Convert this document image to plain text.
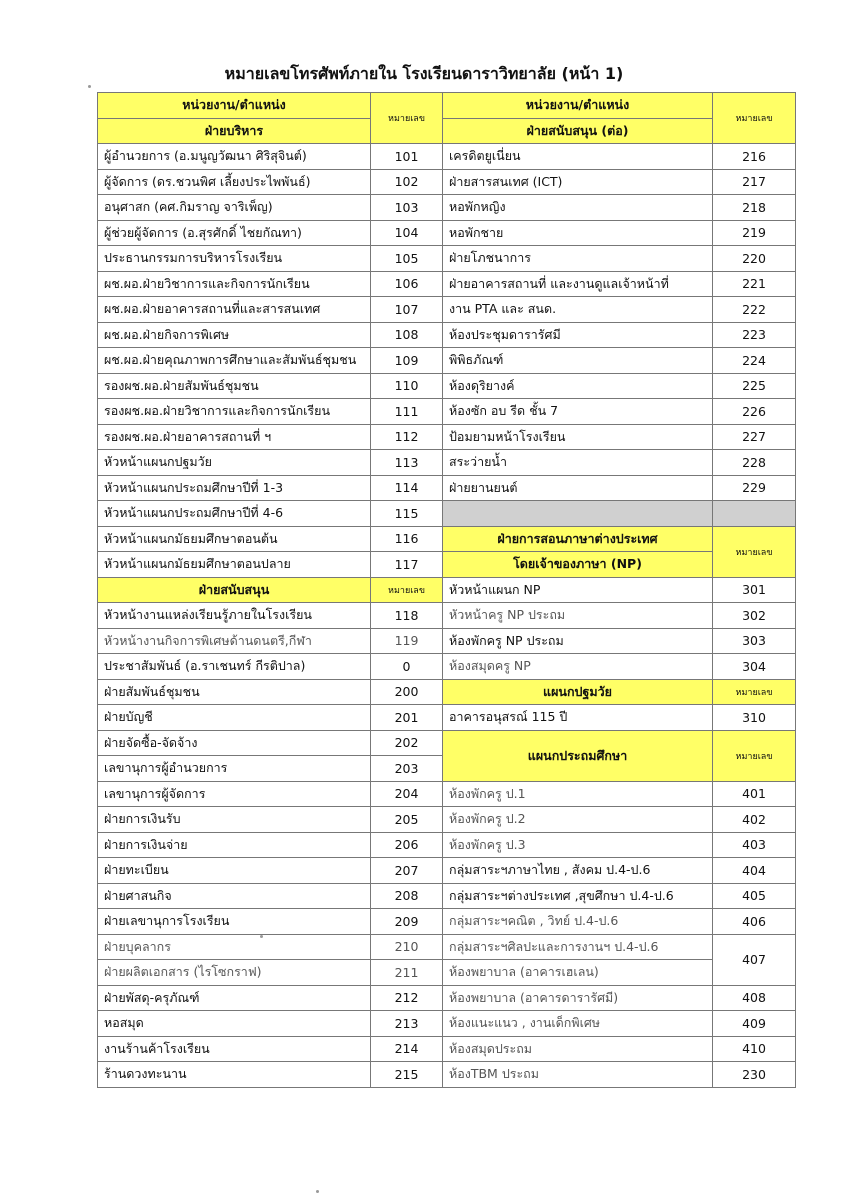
หมายเลขโทรศัพท์ภายใน โรงเรียนดาราวิทยาลัย (หน้า 1)
หน่วยงาน/ตำแหน่ง	หมายเลข	หน่วยงาน/ตำแหน่ง	หมายเลข
ฝ่ายบริหาร		ฝ่ายสนับสนุน (ต่อ)	
ผู้อำนวยการ (อ.มนูญวัฒนา ศิริสุจินต์)	101	เครดิตยูเนี่ยน	216
ผู้จัดการ (ดร.ชวนพิศ เลี้ยงประไพพันธ์)	102	ฝ่ายสารสนเทศ (ICT)	217
อนุศาสก (คศ.กิมราญ จาริเพ็ญ)	103	หอพักหญิง	218
ผู้ช่วยผู้จัดการ (อ.สุรศักดิ์ ไชยกัณทา)	104	หอพักชาย	219
ประธานกรรมการบริหารโรงเรียน	105	ฝ่ายโภชนาการ	220
ผช.ผอ.ฝ่ายวิชาการและกิจการนักเรียน	106	ฝ่ายอาคารสถานที่ และงานดูแลเจ้าหน้าที่	221
ผช.ผอ.ฝ่ายอาคารสถานที่และสารสนเทศ	107	งาน PTA และ สนด.	222
ผช.ผอ.ฝ่ายกิจการพิเศษ	108	ห้องประชุมดารารัศมี	223
ผช.ผอ.ฝ่ายคุณภาพการศึกษาและสัมพันธ์ชุมชน	109	พิพิธภัณฑ์	224
รองผช.ผอ.ฝ่ายสัมพันธ์ชุมชน	110	ห้องดุริยางค์	225
รองผช.ผอ.ฝ่ายวิชาการและกิจการนักเรียน	111	ห้องซัก อบ รีด ชั้น 7	226
รองผช.ผอ.ฝ่ายอาคารสถานที่ ฯ	112	ป้อมยามหน้าโรงเรียน	227
หัวหน้าแผนกปฐมวัย	113	สระว่ายน้ำ	228
หัวหน้าแผนกประถมศึกษาปีที่ 1-3	114	ฝ่ายยานยนต์	229
หัวหน้าแผนกประถมศึกษาปีที่ 4-6	115		
หัวหน้าแผนกมัธยมศึกษาตอนต้น	116	ฝ่ายการสอนภาษาต่างประเทศ	หมายเลข
หัวหน้าแผนกมัธยมศึกษาตอนปลาย	117	โดยเจ้าของภาษา (NP)	
ฝ่ายสนับสนุน	หมายเลข	หัวหน้าแผนก NP	301
หัวหน้างานแหล่งเรียนรู้ภายในโรงเรียน	118	หัวหน้าครู NP ประถม	302
หัวหน้างานกิจการพิเศษด้านดนตรี,กีฬา	119	ห้องพักครู NP ประถม	303
ประชาสัมพันธ์ (อ.ราเชนทร์ กีรติปาล)	0	ห้องสมุดครู NP	304
ฝ่ายสัมพันธ์ชุมชน	200	แผนกปฐมวัย	หมายเลข
ฝ่ายบัญชี	201	อาคารอนุสรณ์ 115 ปี	310
ฝ่ายจัดซื้อ-จัดจ้าง	202	แผนกประถมศึกษา	หมายเลข
เลขานุการผู้อำนวยการ	203		
เลขานุการผู้จัดการ	204	ห้องพักครู ป.1	401
ฝ่ายการเงินรับ	205	ห้องพักครู ป.2	402
ฝ่ายการเงินจ่าย	206	ห้องพักครู ป.3	403
ฝ่ายทะเบียน	207	กลุ่มสาระฯภาษาไทย , สังคม ป.4-ป.6	404
ฝ่ายศาสนกิจ	208	กลุ่มสาระฯต่างประเทศ ,สุขศึกษา ป.4-ป.6	405
ฝ่ายเลขานุการโรงเรียน	209	กลุ่มสาระฯคณิต , วิทย์ ป.4-ป.6	406
ฝ่ายบุคลากร	210	กลุ่มสาระฯศิลปะและการงานฯ ป.4-ป.6	407
ฝ่ายผลิตเอกสาร (ไรโซกราฟ)	211	ห้องพยาบาล (อาคารเฮเลน)	
ฝ่ายพัสดุ-ครุภัณฑ์	212	ห้องพยาบาล (อาคารดารารัศมี)	408
หอสมุด	213	ห้องแนะแนว , งานเด็กพิเศษ	409
งานร้านค้าโรงเรียน	214	ห้องสมุดประถม	410
ร้านดวงทะนาน	215	ห้องTBM ประถม	230
